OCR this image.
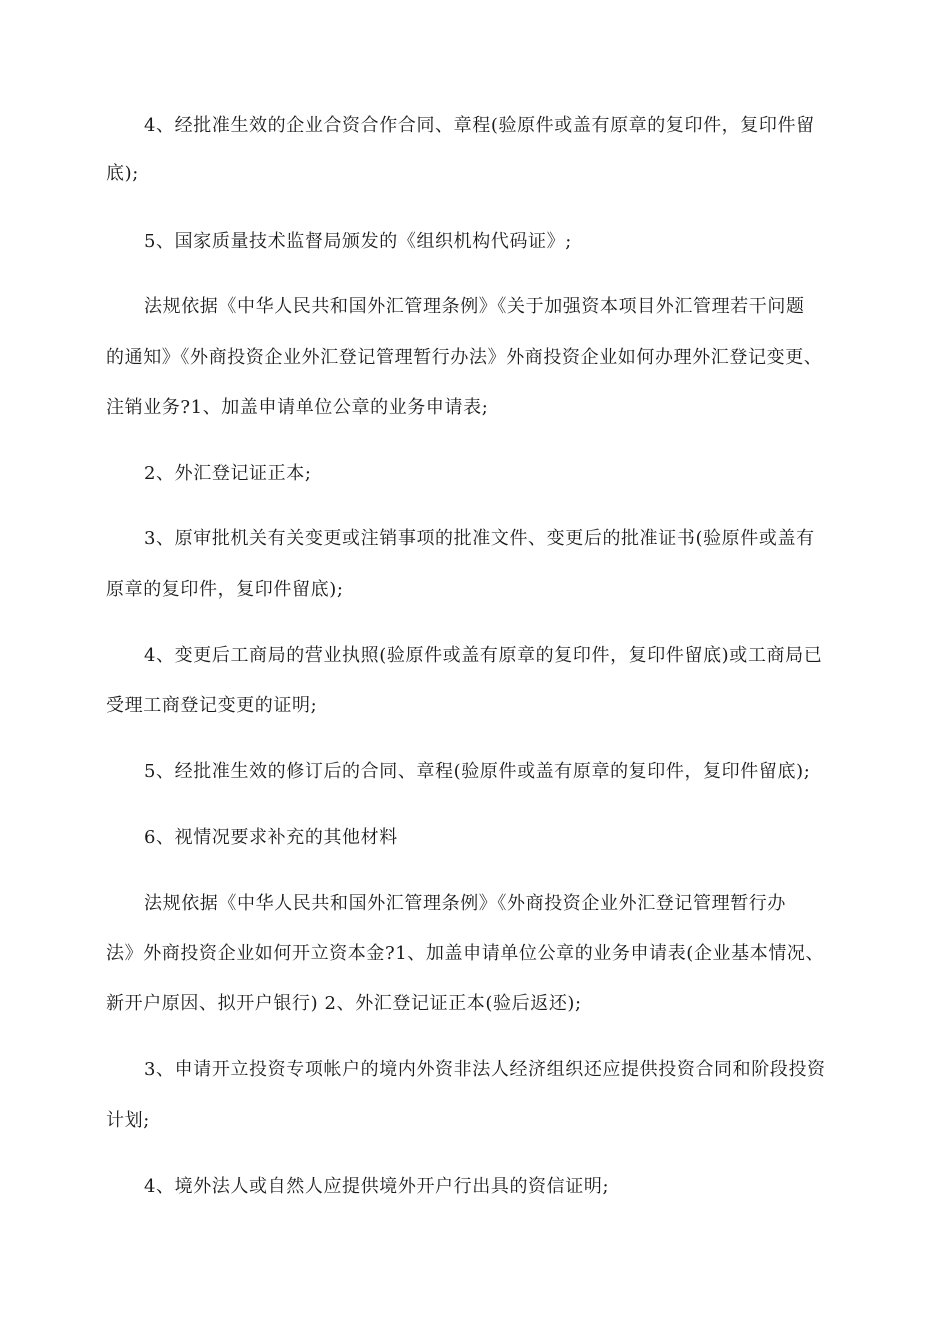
4、经批准生效的企业合资合作合同、章程(验原件或盖有原章的复印件，复印件留
底);
5、国家质量技术监督局颁发的《组织机构代码证》;
法规依据《中华人民共和国外汇管理条例》《关于加强资本项目外汇管理若干问题
的通知》《外商投资企业外汇登记管理暂行办法》外商投资企业如何办理外汇登记变更、
注销业务?1、加盖申请单位公章的业务申请表;
2、外汇登记证正本;
3、原审批机关有关变更或注销事项的批准文件、变更后的批准证书(验原件或盖有
原章的复印件，复印件留底);
4、变更后工商局的营业执照(验原件或盖有原章的复印件，复印件留底)或工商局已
受理工商登记变更的证明;
5、经批准生效的修订后的合同、章程(验原件或盖有原章的复印件，复印件留底);
6、视情况要求补充的其他材料
法规依据《中华人民共和国外汇管理条例》《外商投资企业外汇登记管理暂行办
法》外商投资企业如何开立资本金?1、加盖申请单位公章的业务申请表(企业基本情况、
新开户原因、拟开户银行) 2、外汇登记证正本(验后返还);
3、申请开立投资专项帐户的境内外资非法人经济组织还应提供投资合同和阶段投资
计划;
4、境外法人或自然人应提供境外开户行出具的资信证明;
